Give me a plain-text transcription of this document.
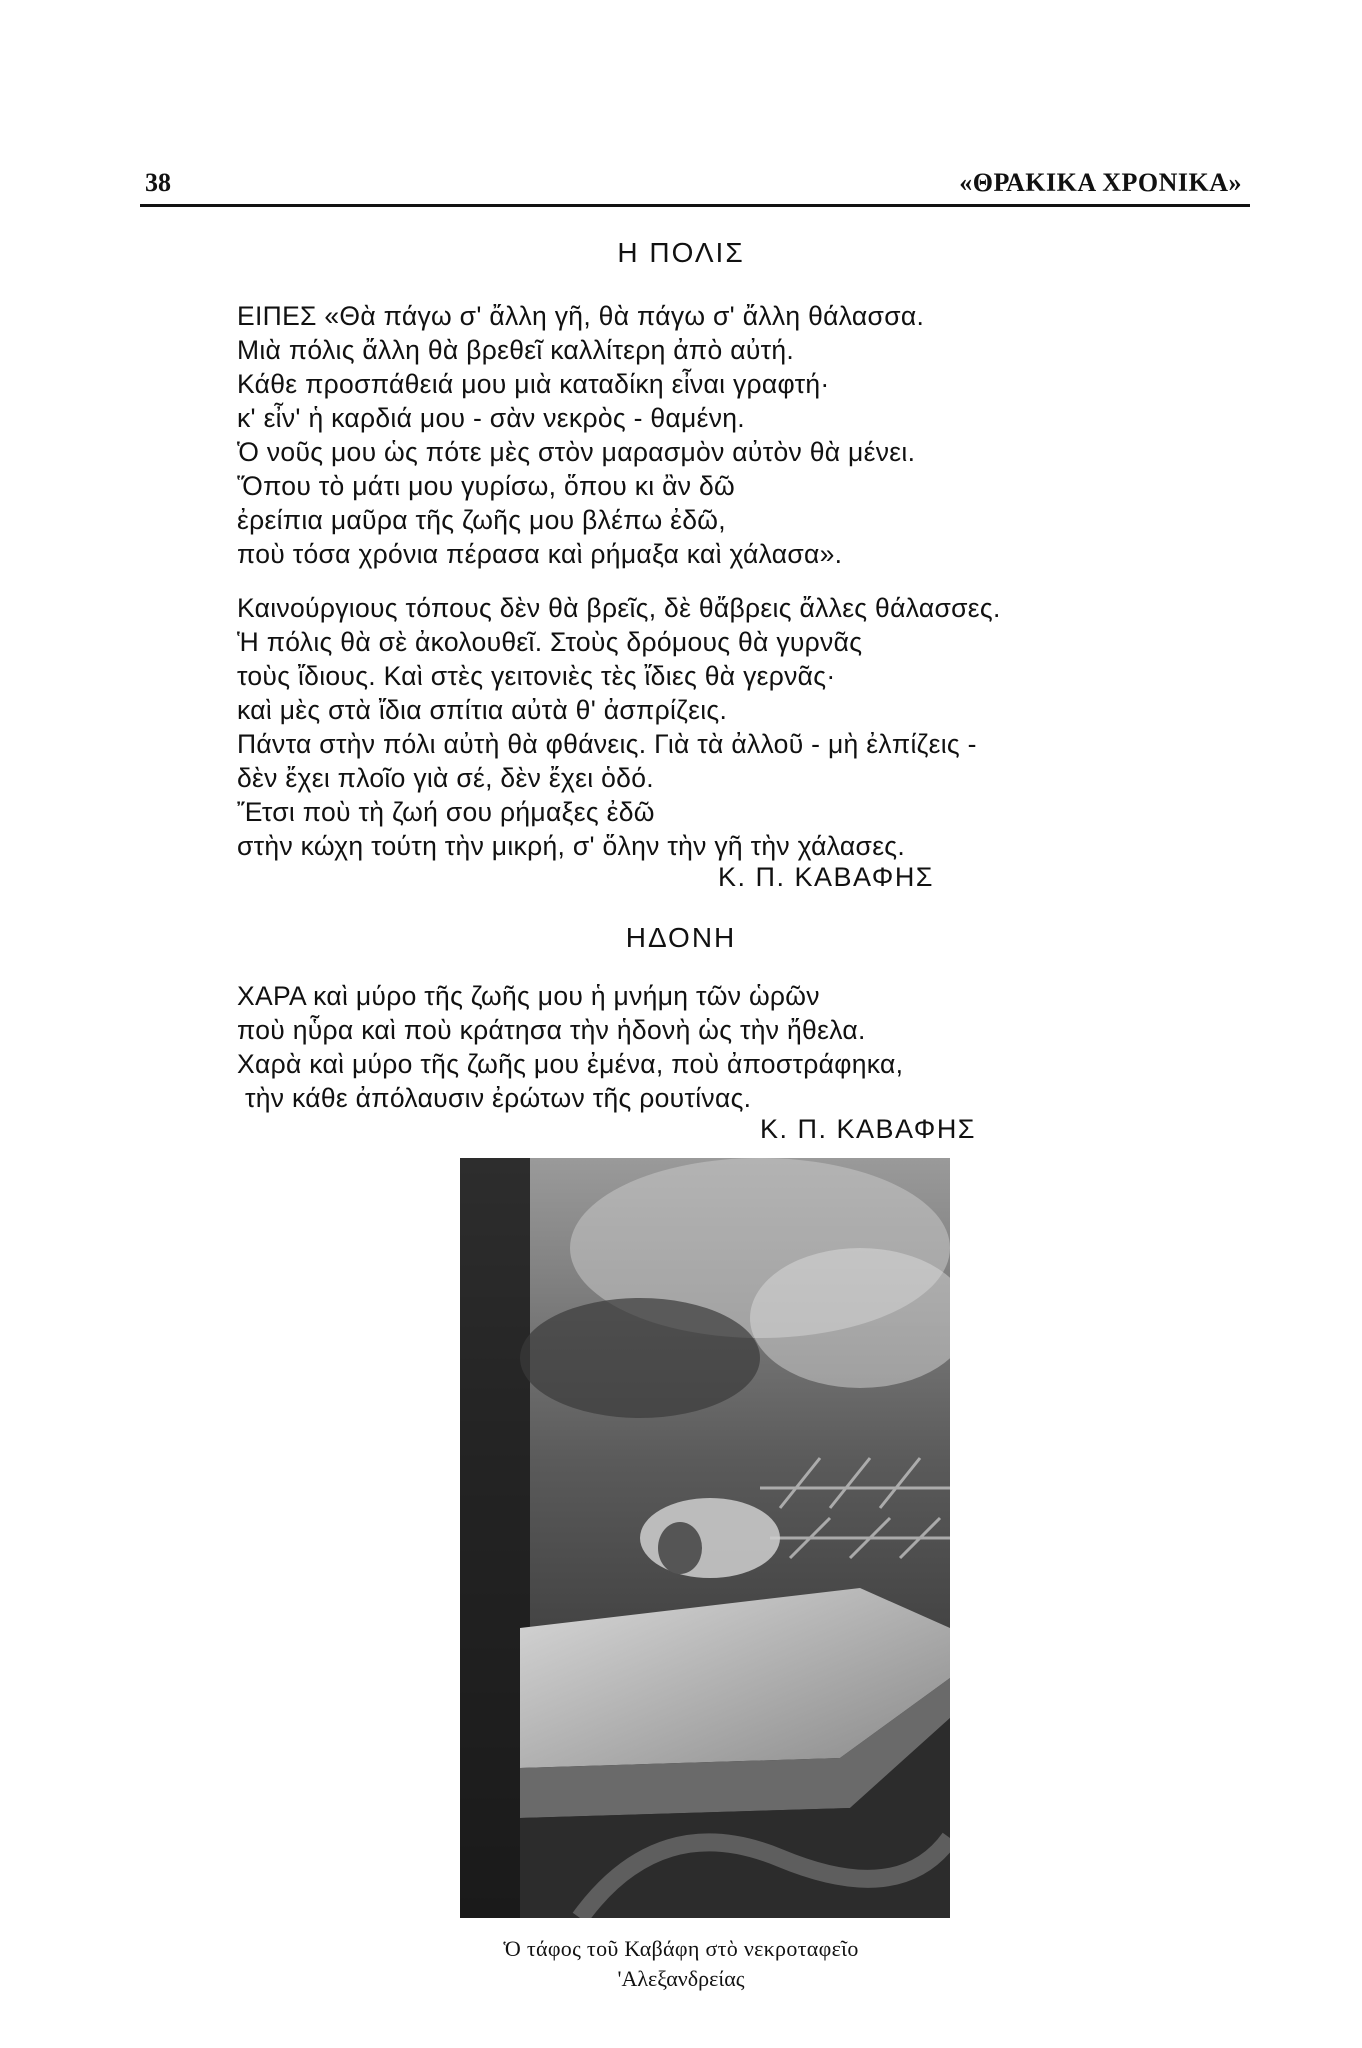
38	«ΘΡΑΚΙΚΑ ΧΡΟΝΙΚΑ»
Η ΠΟΛΙΣ
ΕΙΠΕΣ «Θὰ πάγω σ' ἄλλη γῆ, θὰ πάγω σ' ἄλλη θάλασσα.
Μιὰ πόλις ἄλλη θὰ βρεθεῖ καλλίτερη ἀπὸ αὐτή.
Κάθε προσπάθειά μου μιὰ καταδίκη εἶναι γραφτή·
κ' εἶν' ἡ καρδιά μου - σὰν νεκρὸς - θαμένη.
Ὁ νοῦς μου ὡς πότε μὲς στὸν μαρασμὸν αὐτὸν θὰ μένει.
Ὅπου τὸ μάτι μου γυρίσω, ὅπου κι ἂν δῶ
ἐρείπια μαῦρα τῆς ζωῆς μου βλέπω ἐδῶ,
ποὺ τόσα χρόνια πέρασα καὶ ρήμαξα καὶ χάλασα».
Καινούργιους τόπους δὲν θὰ βρεῖς, δὲ θἄβρεις ἄλλες θάλασσες.
Ἡ πόλις θὰ σὲ ἀκολουθεῖ. Στοὺς δρόμους θὰ γυρνᾶς
τοὺς ἴδιους. Καὶ στὲς γειτονιὲς τὲς ἴδιες θὰ γερνᾶς·
καὶ μὲς στὰ ἴδια σπίτια αὐτὰ θ' ἀσπρίζεις.
Πάντα στὴν πόλι αὐτὴ θὰ φθάνεις. Γιὰ τὰ ἀλλοῦ - μὴ ἐλπίζεις -
δὲν ἔχει πλοῖο γιὰ σέ, δὲν ἔχει ὁδό.
Ἔτσι ποὺ τὴ ζωή σου ρήμαξες ἐδῶ
στὴν κώχη τούτη τὴν μικρή, σ' ὅλην τὴν γῆ τὴν χάλασες.
Κ. Π. ΚΑΒΑΦΗΣ
ΗΔΟΝΗ
ΧΑΡΑ καὶ μύρο τῆς ζωῆς μου ἡ μνήμη τῶν ὡρῶν
ποὺ ηὗρα καὶ ποὺ κράτησα τὴν ἡδονὴ ὡς τὴν ἤθελα.
Χαρὰ καὶ μύρο τῆς ζωῆς μου ἐμένα, ποὺ ἀποστράφηκα,
τὴν κάθε ἀπόλαυσιν ἐρώτων τῆς ρουτίνας.
Κ. Π. ΚΑΒΑΦΗΣ
Ὁ τάφος τοῦ Καβάφη στὸ νεκροταφεῖο
'Αλεξανδρείας
